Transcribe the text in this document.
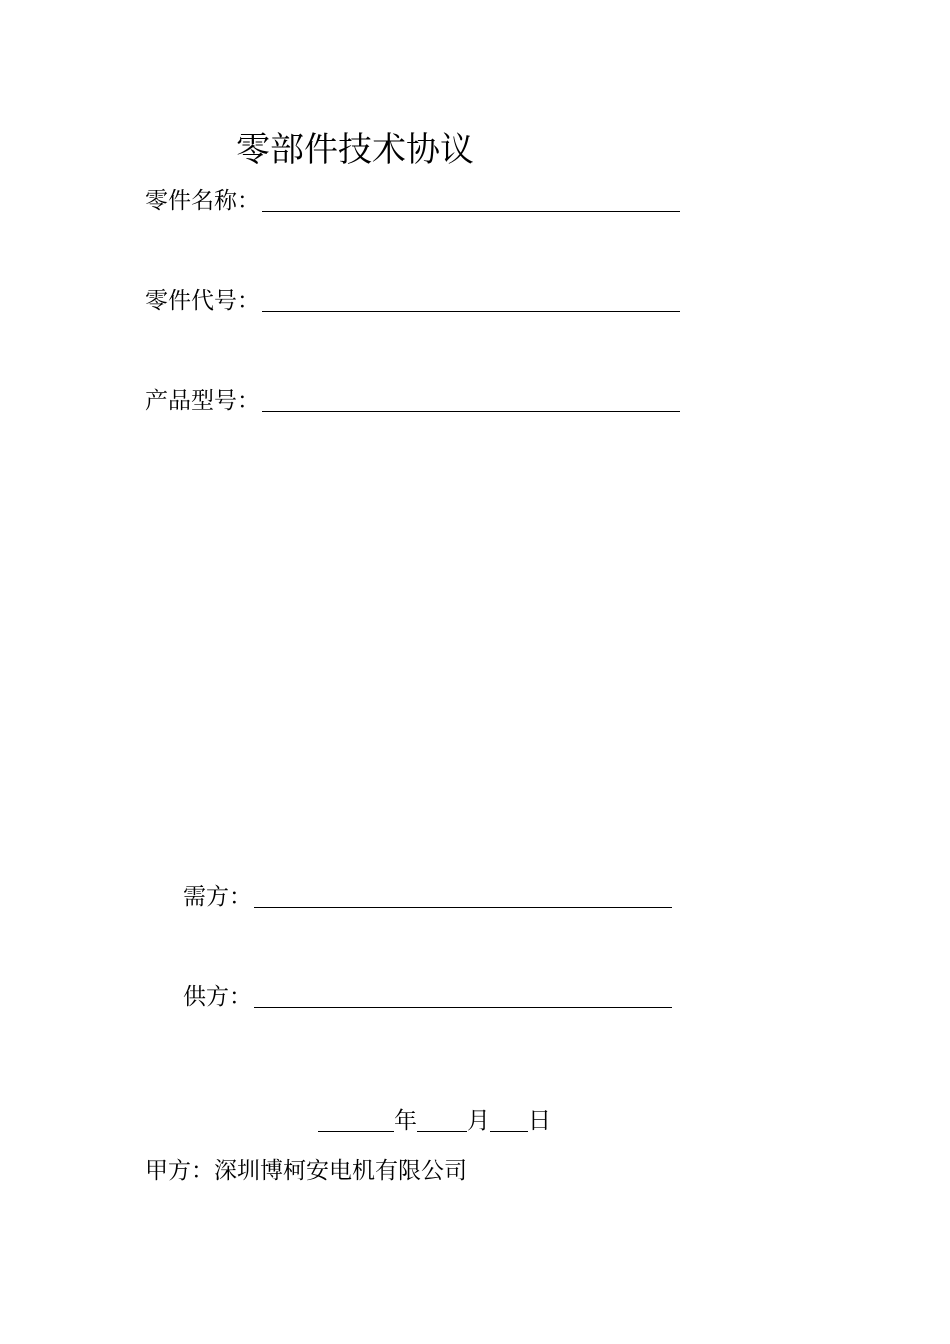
零部件技术协议
零件名称：
零件代号：
产品型号：
需方：
供方：
年 月 日
甲方：深圳博柯安电机有限公司
